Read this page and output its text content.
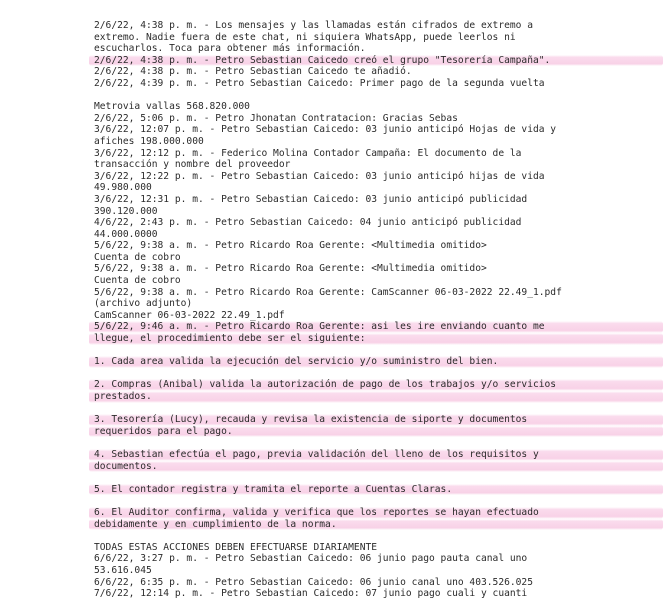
2/6/22, 4:38 p. m. - Los mensajes y las llamadas están cifrados de extremo a
extremo. Nadie fuera de este chat, ni siquiera WhatsApp, puede leerlos ni
escucharlos. Toca para obtener más información.
2/6/22, 4:38 p. m. - Petro Sebastian Caicedo creó el grupo "Tesorería Campaña".
2/6/22, 4:38 p. m. - Petro Sebastian Caicedo te añadió.
2/6/22, 4:39 p. m. - Petro Sebastian Caicedo: Primer pago de la segunda vuelta
Metrovia vallas 568.820.000
2/6/22, 5:06 p. m. - Petro Jhonatan Contratacion: Gracias Sebas
3/6/22, 12:07 p. m. - Petro Sebastian Caicedo: 03 junio anticipó Hojas de vida y
afiches 198.000.000
3/6/22, 12:12 p. m. - Federico Molina Contador Campaña: El documento de la
transacción y nombre del proveedor
3/6/22, 12:22 p. m. - Petro Sebastian Caicedo: 03 junio anticipó hijas de vida
49.980.000
3/6/22, 12:31 p. m. - Petro Sebastian Caicedo: 03 junio anticipó publicidad
390.120.000
4/6/22, 2:43 p. m. - Petro Sebastian Caicedo: 04 junio anticipó publicidad
44.000.0000
5/6/22, 9:38 a. m. - Petro Ricardo Roa Gerente: <Multimedia omitido>
Cuenta de cobro
5/6/22, 9:38 a. m. - Petro Ricardo Roa Gerente: <Multimedia omitido>
Cuenta de cobro
5/6/22, 9:38 a. m. - Petro Ricardo Roa Gerente: CamScanner 06-03-2022 22.49_1.pdf
(archivo adjunto)
CamScanner 06-03-2022 22.49_1.pdf
5/6/22, 9:46 a. m. - Petro Ricardo Roa Gerente: asi les ire enviando cuanto me
llegue, el procedimiento debe ser el siguiente:
1. Cada area valida la ejecución del servicio y/o suministro del bien.
2. Compras (Anibal) valida la autorización de pago de los trabajos y/o servicios
prestados.
3. Tesorería (Lucy), recauda y revisa la existencia de siporte y documentos
requeridos para el pago.
4. Sebastian efectúa el pago, previa validación del lleno de los requisitos y
documentos.
5. El contador registra y tramita el reporte a Cuentas Claras.
6. El Auditor confirma, valida y verifica que los reportes se hayan efectuado
debidamente y en cumplimiento de la norma.
TODAS ESTAS ACCIONES DEBEN EFECTUARSE DIARIAMENTE
6/6/22, 3:27 p. m. - Petro Sebastian Caicedo: 06 junio pago pauta canal uno
53.616.045
6/6/22, 6:35 p. m. - Petro Sebastian Caicedo: 06 junio canal uno 403.526.025
7/6/22, 12:14 p. m. - Petro Sebastian Caicedo: 07 junio pago cuali y cuanti
